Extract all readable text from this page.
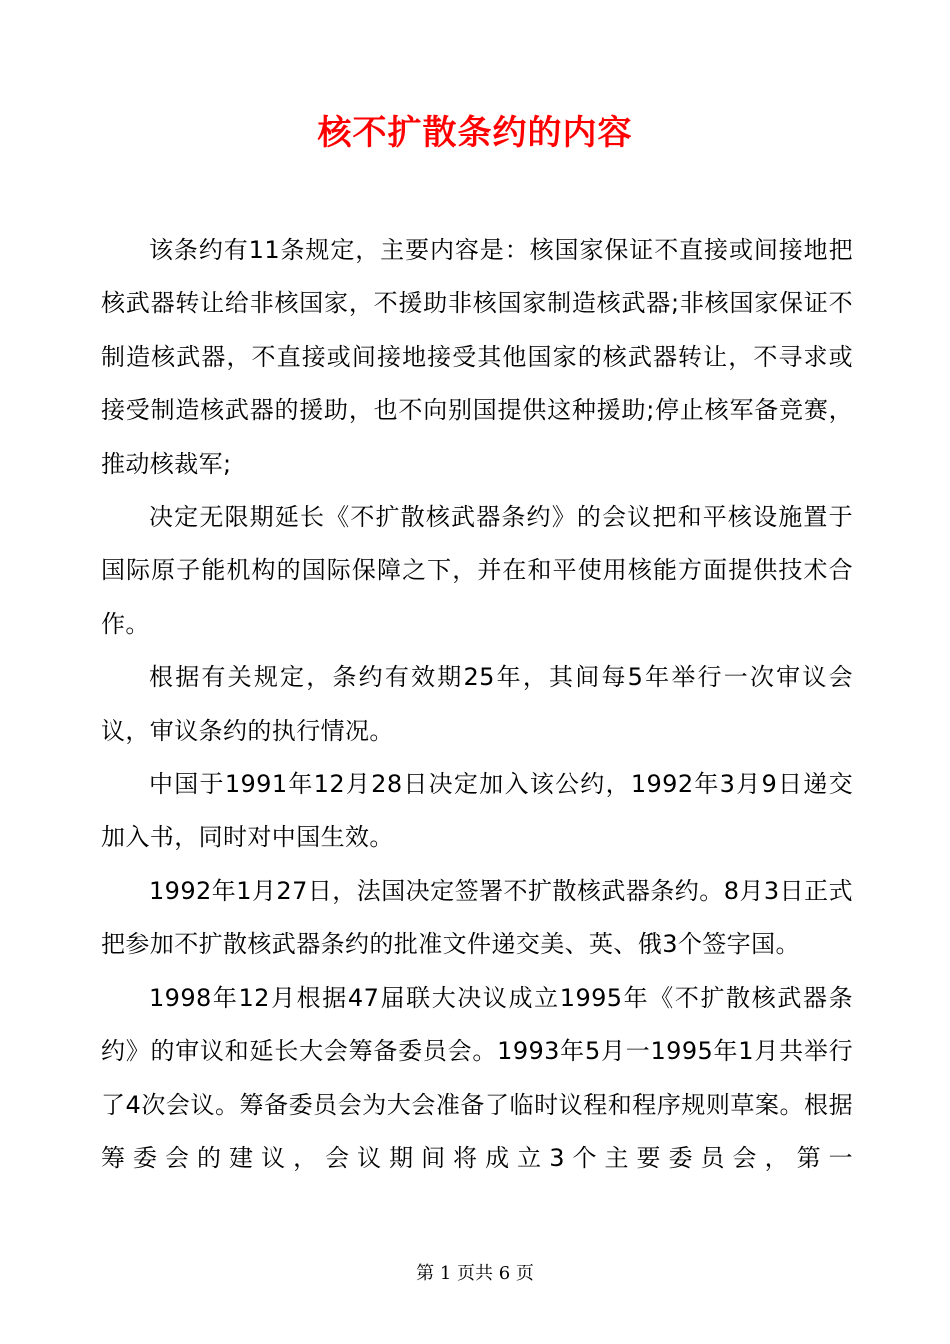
核不扩散条约的内容

该条约有11条规定，主要内容是：核国家保证不直接或间接地把核武器转让给非核国家，不援助非核国家制造核武器;非核国家保证不制造核武器，不直接或间接地接受其他国家的核武器转让，不寻求或接受制造核武器的援助，也不向别国提供这种援助;停止核军备竞赛，推动核裁军;

决定无限期延长《不扩散核武器条约》的会议把和平核设施置于国际原子能机构的国际保障之下，并在和平使用核能方面提供技术合作。

根据有关规定，条约有效期25年，其间每5年举行一次审议会议，审议条约的执行情况。

中国于1991年12月28日决定加入该公约，1992年3月9日递交加入书，同时对中国生效。

1992年1月27日，法国决定签署不扩散核武器条约。8月3日正式把参加不扩散核武器条约的批准文件递交美、英、俄3个签字国。

1998年12月根据47届联大决议成立1995年《不扩散核武器条约》的审议和延长大会筹备委员会。1993年5月一1995年1月共举行了4次会议。筹备委员会为大会准备了临时议程和程序规则草案。根据筹委会的建议，会议期间将成立3个主要委员会，第一

第 1 页共 6 页
